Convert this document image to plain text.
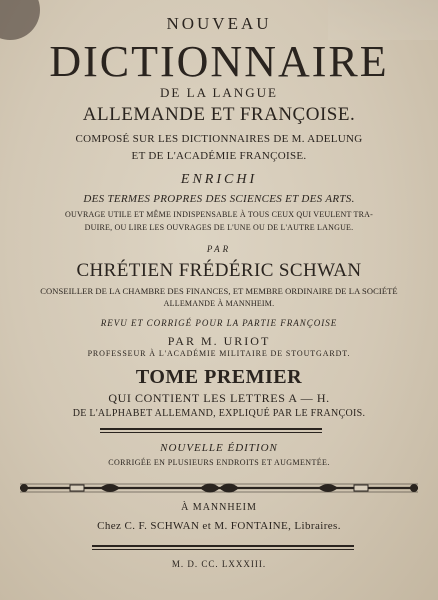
NOUVEAU
DICTIONNAIRE
DE LA LANGUE
ALLEMANDE ET FRANÇOISE.
COMPOSÉ SUR LES DICTIONNAIRES DE M. ADELUNG
ET DE L'ACADÉMIE FRANÇOISE.
ENRICHI
DES TERMES PROPRES DES SCIENCES ET DES ARTS.
OUVRAGE UTILE ET MÊME INDISPENSABLE À TOUS CEUX QUI VEULENT TRA-
DUIRE, OU LIRE LES OUVRAGES DE L'UNE OU DE L'AUTRE LANGUE.
PAR
CHRÉTIEN FRÉDÉRIC SCHWAN
CONSEILLER DE LA CHAMBRE DES FINANCES, ET MEMBRE ORDINAIRE DE LA SOCIÉTÉ
ALLEMANDE À MANNHEIM.
REVU ET CORRIGÉ POUR LA PARTIE FRANÇOISE
PAR M. URIOT
PROFESSEUR À L'ACADÉMIE MILITAIRE DE STOUTGARDT.
TOME PREMIER
QUI CONTIENT LES LETTRES A — H.
DE L'ALPHABET ALLEMAND, EXPLIQUÉ PAR LE FRANÇOIS.
NOUVELLE ÉDITION
CORRIGÉE EN PLUSIEURS ENDROITS ET AUGMENTÉE.
À MANNHEIM
Chez C. F. SCHWAN et M. FONTAINE, Libraires.
M. D. CC. LXXXIII.
